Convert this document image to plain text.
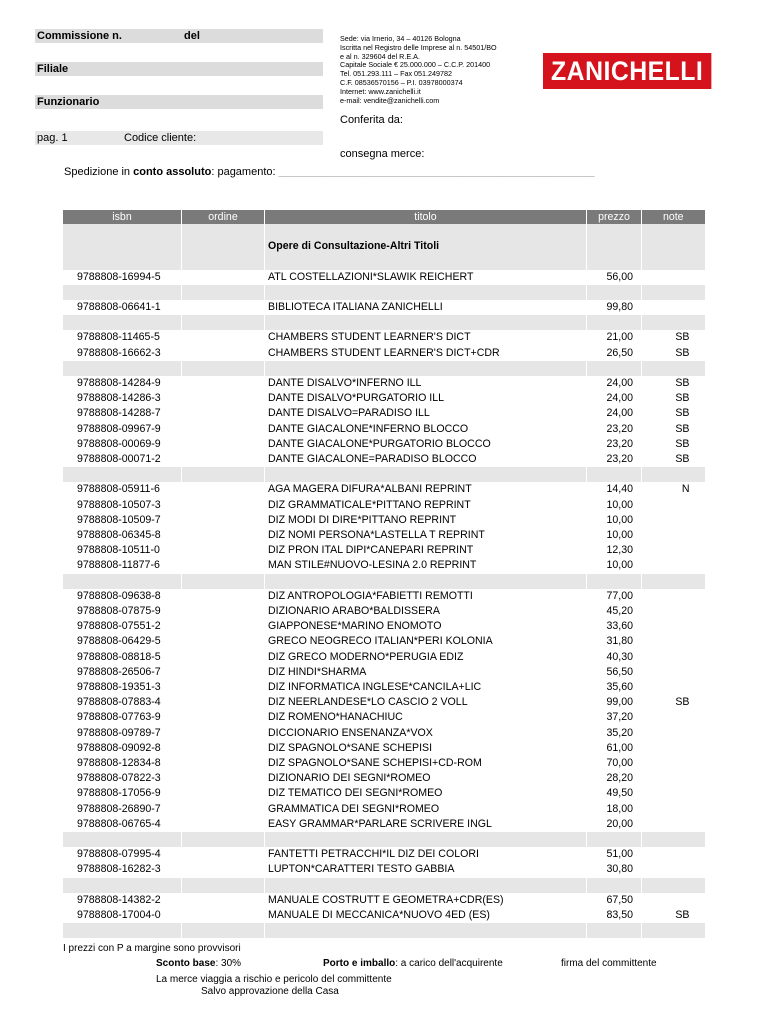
Commissione n.	del
Filiale
Funzionario
pag. 1	Codice cliente:
Sede: via Irnerio, 34 – 40126 Bologna
Iscritta nel Registro delle Imprese al n. 54501/BO
e al n. 329604 del R.E.A.
Capitale Sociale € 25.000.000 – C.C.P. 201400
Tel. 051.293.111 – Fax 051.249782
C.F. 08536570156 – P.I. 03978000374
Internet: www.zanichelli.it
e-mail: vendite@zanichelli.com
ZANICHELLI
Conferita da:
consegna merce:
Spedizione in conto assoluto: pagamento: _______________________________________________________________________
isbn	ordine	titolo	prezzo	note

		Opere di Consultazione-Altri Titoli		

9788808-16994-5		ATL COSTELLAZIONI*SLAWIK REICHERT	56,00	

9788808-06641-1		BIBLIOTECA ITALIANA ZANICHELLI	99,80	

9788808-11465-5		CHAMBERS STUDENT LEARNER'S DICT	21,00	SB
9788808-16662-3		CHAMBERS STUDENT LEARNER'S DICT+CDR	26,50	SB

9788808-14284-9		DANTE DISALVO*INFERNO ILL	24,00	SB
9788808-14286-3		DANTE DISALVO*PURGATORIO ILL	24,00	SB
9788808-14288-7		DANTE DISALVO=PARADISO ILL	24,00	SB
9788808-09967-9		DANTE GIACALONE*INFERNO BLOCCO	23,20	SB
9788808-00069-9		DANTE GIACALONE*PURGATORIO BLOCCO	23,20	SB
9788808-00071-2		DANTE GIACALONE=PARADISO BLOCCO	23,20	SB

9788808-05911-6		AGA MAGERA DIFURA*ALBANI REPRINT	14,40	N
9788808-10507-3		DIZ GRAMMATICALE*PITTANO REPRINT	10,00	
9788808-10509-7		DIZ MODI DI DIRE*PITTANO REPRINT	10,00	
9788808-06345-8		DIZ NOMI PERSONA*LASTELLA T REPRINT	10,00	
9788808-10511-0		DIZ PRON ITAL DIPI*CANEPARI REPRINT	12,30	
9788808-11877-6		MAN STILE#NUOVO-LESINA 2.0 REPRINT	10,00	

9788808-09638-8		DIZ ANTROPOLOGIA*FABIETTI REMOTTI	77,00	
9788808-07875-9		DIZIONARIO ARABO*BALDISSERA	45,20	
9788808-07551-2		GIAPPONESE*MARINO ENOMOTO	33,60	
9788808-06429-5		GRECO NEOGRECO ITALIAN*PERI KOLONIA	31,80	
9788808-08818-5		DIZ GRECO MODERNO*PERUGIA EDIZ	40,30	
9788808-26506-7		DIZ HINDI*SHARMA	56,50	
9788808-19351-3		DIZ INFORMATICA INGLESE*CANCILA+LIC	35,60	
9788808-07883-4		DIZ NEERLANDESE*LO CASCIO 2 VOLL	99,00	SB
9788808-07763-9		DIZ ROMENO*HANACHIUC	37,20	
9788808-09789-7		DICCIONARIO ENSENANZA*VOX	35,20	
9788808-09092-8		DIZ SPAGNOLO*SANE SCHEPISI	61,00	
9788808-12834-8		DIZ SPAGNOLO*SANE SCHEPISI+CD-ROM	70,00	
9788808-07822-3		DIZIONARIO DEI SEGNI*ROMEO	28,20	
9788808-17056-9		DIZ TEMATICO DEI SEGNI*ROMEO	49,50	
9788808-26890-7		GRAMMATICA DEI SEGNI*ROMEO	18,00	
9788808-06765-4		EASY GRAMMAR*PARLARE SCRIVERE INGL	20,00	

9788808-07995-4		FANTETTI PETRACCHI*IL DIZ DEI COLORI	51,00	
9788808-16282-3		LUPTON*CARATTERI TESTO GABBIA	30,80	

9788808-14382-2		MANUALE COSTRUTT E GEOMETRA+CDR(ES)	67,50	
9788808-17004-0		MANUALE DI MECCANICA*NUOVO 4ED (ES)	83,50	SB

I prezzi con P a margine sono provvisori
Sconto base: 30%	Porto e imballo: a carico dell'acquirente	firma del committente
La merce viaggia a rischio e pericolo del committente
Salvo approvazione della Casa
